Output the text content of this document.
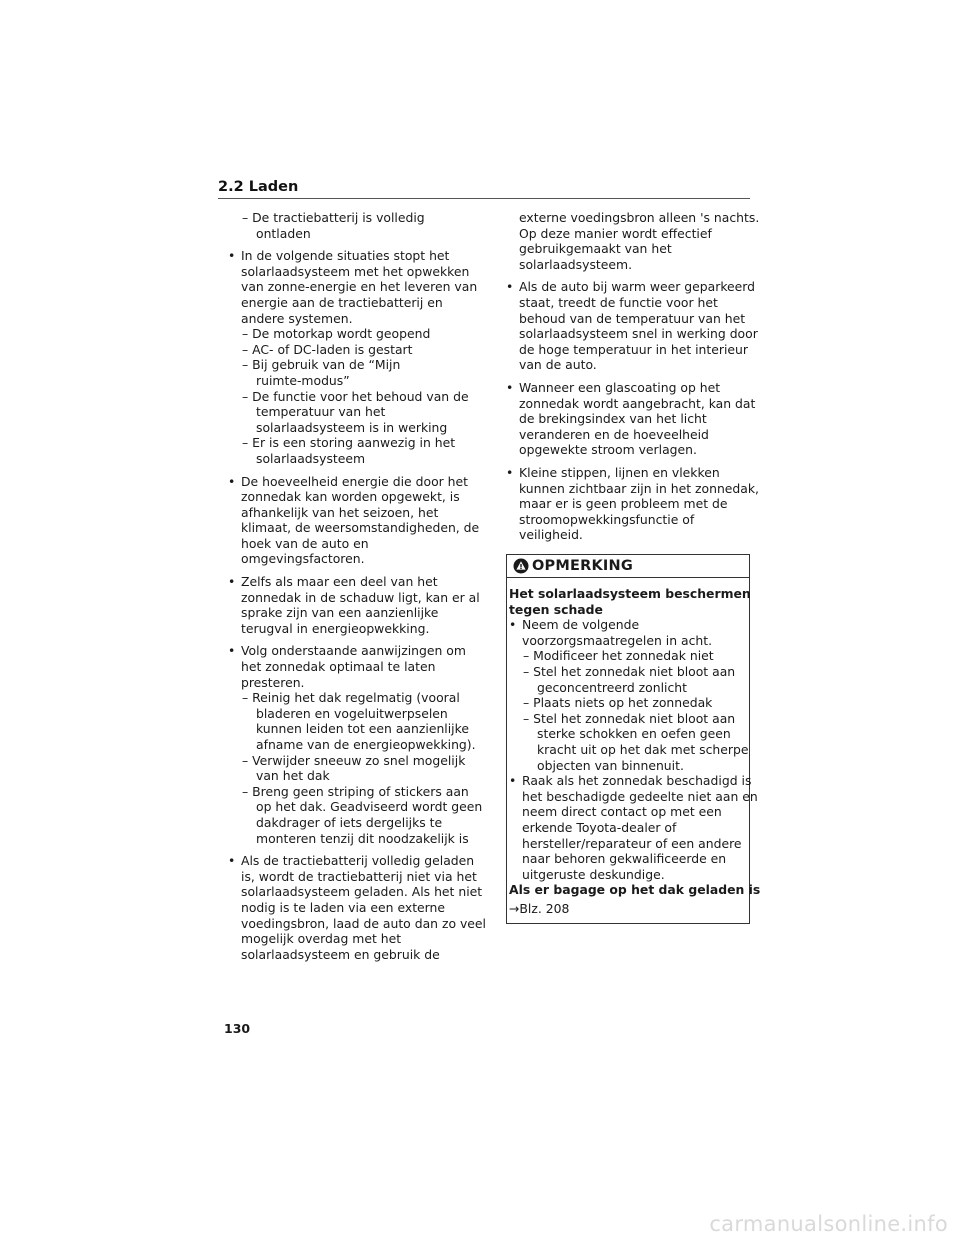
2.2 Laden
– De tractiebatterij is volledig
ontladen
• In de volgende situaties stopt het
solarlaadsysteem met het opwekken
van zonne-energie en het leveren van
energie aan de tractiebatterij en
andere systemen.
– De motorkap wordt geopend
– AC- of DC-laden is gestart
– Bij gebruik van de “Mijn
ruimte-modus”
– De functie voor het behoud van de
temperatuur van het
solarlaadsysteem is in werking
– Er is een storing aanwezig in het
solarlaadsysteem
• De hoeveelheid energie die door het
zonnedak kan worden opgewekt, is
afhankelijk van het seizoen, het
klimaat, de weersomstandigheden, de
hoek van de auto en
omgevingsfactoren.
• Zelfs als maar een deel van het
zonnedak in de schaduw ligt, kan er al
sprake zijn van een aanzienlijke
terugval in energieopwekking.
• Volg onderstaande aanwijzingen om
het zonnedak optimaal te laten
presteren.
– Reinig het dak regelmatig (vooral
bladeren en vogeluitwerpselen
kunnen leiden tot een aanzienlijke
afname van de energieopwekking).
– Verwijder sneeuw zo snel mogelijk
van het dak
– Breng geen striping of stickers aan
op het dak. Geadviseerd wordt geen
dakdrager of iets dergelijks te
monteren tenzij dit noodzakelijk is
• Als de tractiebatterij volledig geladen
is, wordt de tractiebatterij niet via het
solarlaadsysteem geladen. Als het niet
nodig is te laden via een externe
voedingsbron, laad de auto dan zo veel
mogelijk overdag met het
solarlaadsysteem en gebruik de
externe voedingsbron alleen 's nachts.
Op deze manier wordt effectief
gebruikgemaakt van het
solarlaadsysteem.
• Als de auto bij warm weer geparkeerd
staat, treedt de functie voor het
behoud van de temperatuur van het
solarlaadsysteem snel in werking door
de hoge temperatuur in het interieur
van de auto.
• Wanneer een glascoating op het
zonnedak wordt aangebracht, kan dat
de brekingsindex van het licht
veranderen en de hoeveelheid
opgewekte stroom verlagen.
• Kleine stippen, lijnen en vlekken
kunnen zichtbaar zijn in het zonnedak,
maar er is geen probleem met de
stroomopwekkingsfunctie of
veiligheid.
OPMERKING
Het solarlaadsysteem beschermen
tegen schade
• Neem de volgende
voorzorgsmaatregelen in acht.
– Modificeer het zonnedak niet
– Stel het zonnedak niet bloot aan
geconcentreerd zonlicht
– Plaats niets op het zonnedak
– Stel het zonnedak niet bloot aan
sterke schokken en oefen geen
kracht uit op het dak met scherpe
objecten van binnenuit.
• Raak als het zonnedak beschadigd is
het beschadigde gedeelte niet aan en
neem direct contact op met een
erkende Toyota-dealer of
hersteller/reparateur of een andere
naar behoren gekwalificeerde en
uitgeruste deskundige.
Als er bagage op het dak geladen is
→Blz. 208
130
carmanualsonline.info
